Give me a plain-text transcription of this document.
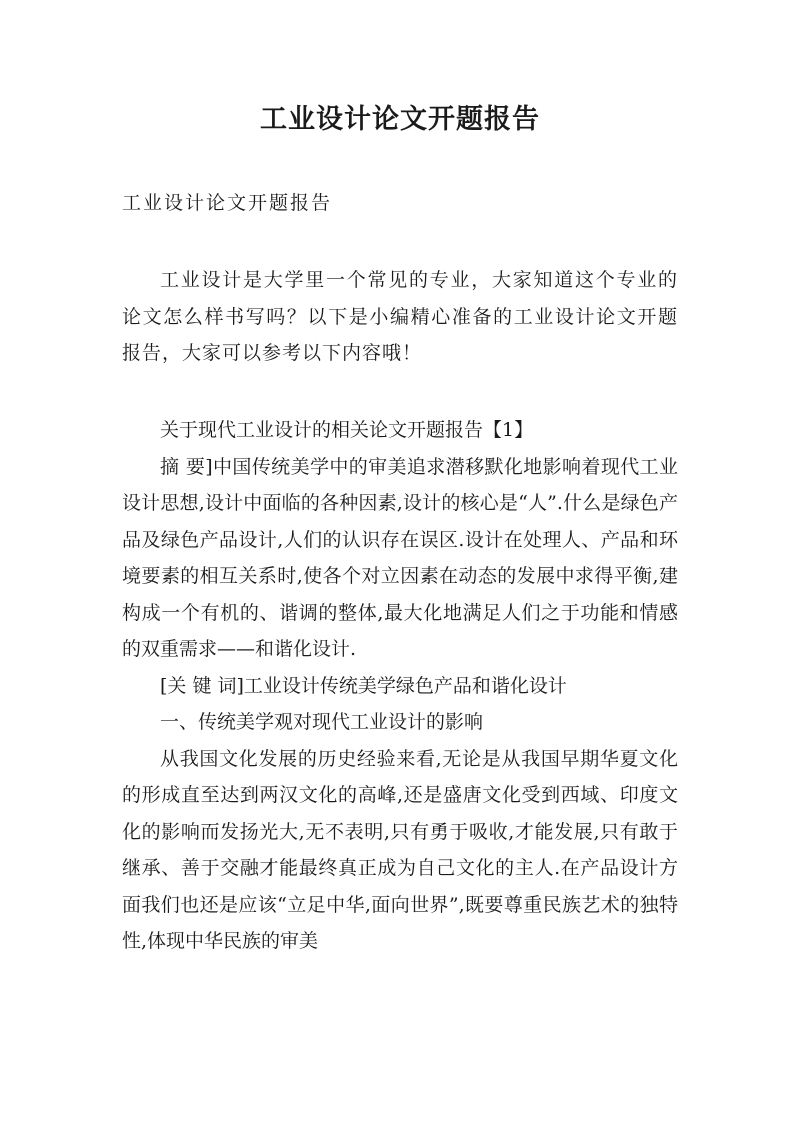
工业设计论文开题报告

工业设计论文开题报告

工业设计是大学里一个常见的专业，大家知道这个专业的论文怎么样书写吗？以下是小编精心准备的工业设计论文开题报告，大家可以参考以下内容哦！

关于现代工业设计的相关论文开题报告【1】

摘 要]中国传统美学中的审美追求潜移默化地影响着现代工业设计思想,设计中面临的各种因素,设计的核心是“人”.什么是绿色产品及绿色产品设计,人们的认识存在误区.设计在处理人、产品和环境要素的相互关系时,使各个对立因素在动态的发展中求得平衡,建构成一个有机的、谐调的整体,最大化地满足人们之于功能和情感的双重需求——和谐化设计.

[关 键 词]工业设计传统美学绿色产品和谐化设计

一、传统美学观对现代工业设计的影响

从我国文化发展的历史经验来看,无论是从我国早期华夏文化的形成直至达到两汉文化的高峰,还是盛唐文化受到西域、印度文化的影响而发扬光大,无不表明,只有勇于吸收,才能发展,只有敢于继承、善于交融才能最终真正成为自己文化的主人.在产品设计方面我们也还是应该“立足中华,面向世界”,既要尊重民族艺术的独特性,体现中华民族的审美
